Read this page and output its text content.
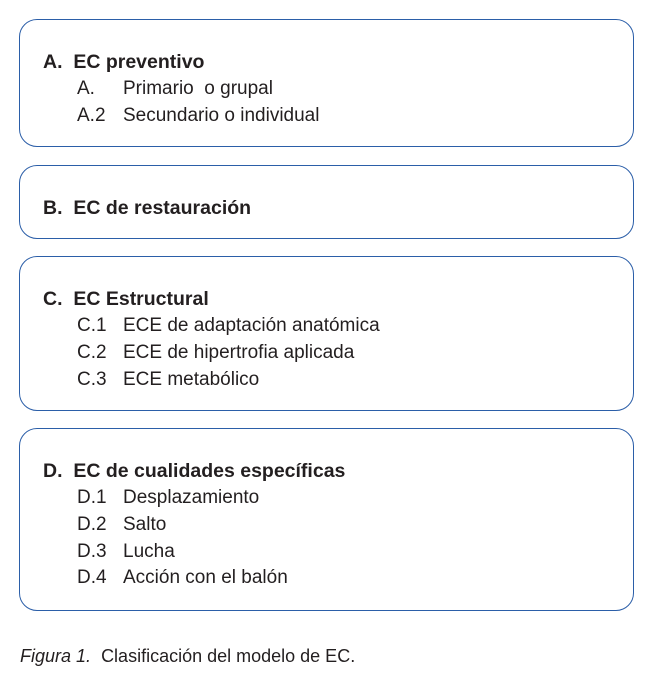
A.  EC preventivo
A. Primario  o grupal
A.2 Secundario o individual
B.  EC de restauración
C.  EC Estructural
C.1 ECE de adaptación anatómica
C.2 ECE de hipertrofia aplicada
C.3 ECE metabólico
D.  EC de cualidades específicas
D.1 Desplazamiento
D.2 Salto
D.3 Lucha
D.4 Acción con el balón
Figura 1. Clasificación del modelo de EC.
